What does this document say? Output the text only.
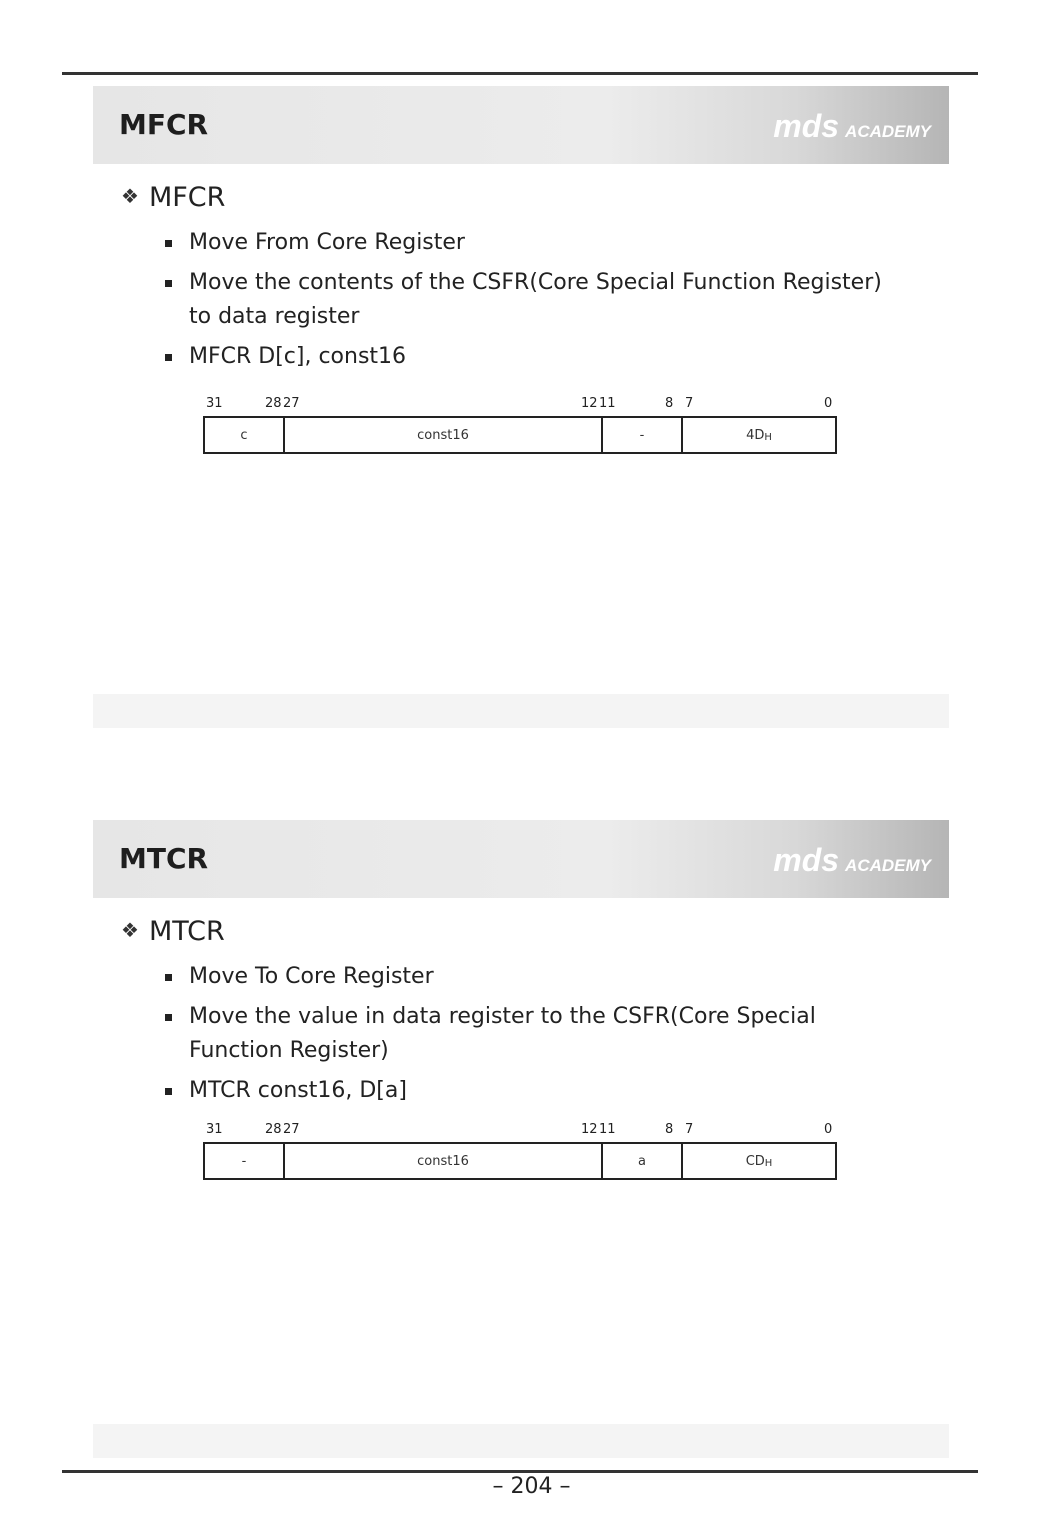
MFCR	mds ACADEMY
❖ MFCR
Move From Core Register
Move the contents of the CSFR(Core Special Function Register) to data register
MFCR D[c], const16
31	28 27	12 11	8 7	0
c	const16	-	$4D_H$
MTCR	mds ACADEMY
❖ MTCR
Move To Core Register
Move the value in data register to the CSFR(Core Special Function Register)
MTCR const16, D[a]
31	28 27	12 11	8 7	0
-	const16	a	$CD_H$
– 204 –
